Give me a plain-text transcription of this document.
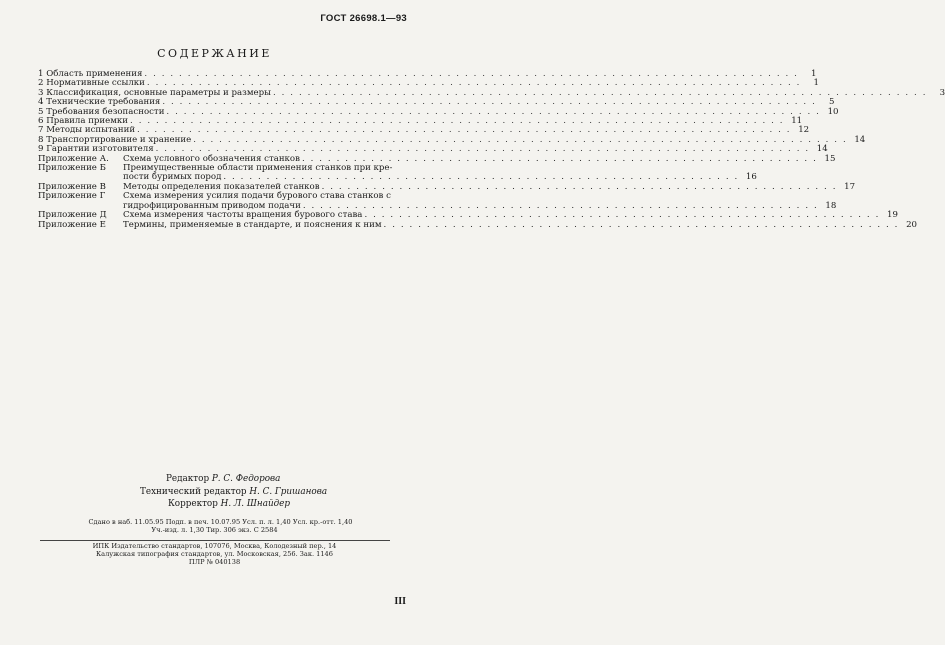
ГОСТ 26698.1—93
СОДЕРЖАНИЕ
1 Область применения . . .	1
2 Нормативные ссылки . . .	1
3 Классификация, основные параметры и размеры . . .	3
4 Технические требования . . .	5
5 Требования безопасности . . .	10
6 Правила приемки . . .	11
7 Методы испытаний . . .	12
8 Транспортирование и хранение . . .	14
9 Гарантии изготовителя . . .	14
Приложение А.	Схема условного обозначения станков . . . . . . . . . . . . . . . . . . . . . . . . . . . . . . . . . . . . . . . . . . . . . . . . . . . . . . . . . . . . 15
Приложение Б	Преимущественные области применения станков при кре-
пости буримых пород . . . . . . . . . . . . . . . . . . . . . . . . . . . . . . . . . . . . . . . . . . . . . . . . . . . . . . . . . . . . 16
Приложение В	Методы определения показателей станков . . . . . . . . . . . . . . . . . . . . . . . . . . . . . . . . . . . . . . . . . . . . . . . . . . . . . . . . . . . . 17
Приложение Г	Схема измерения усилия подачи бурового става станков с
гидрофицированным приводом подачи . . . . . . . . . . . . . . . . . . . . . . . . . . . . . . . . . . . . . . . . . . . . . . . . . . . . . . . . . . . . 18
Приложение Д	Схема измерения частоты вращения бурового става . . . . . . . . . . . . . . . . . . . . . . . . . . . . . . . . . . . . . . . . . . . . . . . . . . . . . . . . . . . . 19
Приложение Е	Термины, применяемые в стандарте, и пояснения к ним . . . . . . . . . . . . . . . . . . . . . . . . . . . . . . . . . . . . . . . . . . . . . . . . . . . . . . . . . . . . 20
Редактор Р. С. Федорова
Технический редактор Н. С. Гришанова
Корректор Н. Л. Шнайдер
Сдано в наб. 11.05.95 Подп. в печ. 10.07.95 Усл. п. л. 1,40 Усл. кр.-отт. 1,40
Уч.-изд. л. 1,30 Тир. 306 экз. С 2584
ИПК Издательство стандартов, 107076, Москва, Колодезный пер., 14
Калужская типография стандартов, ул. Московская, 256. Зак. 1146
ПЛР № 040138
III
